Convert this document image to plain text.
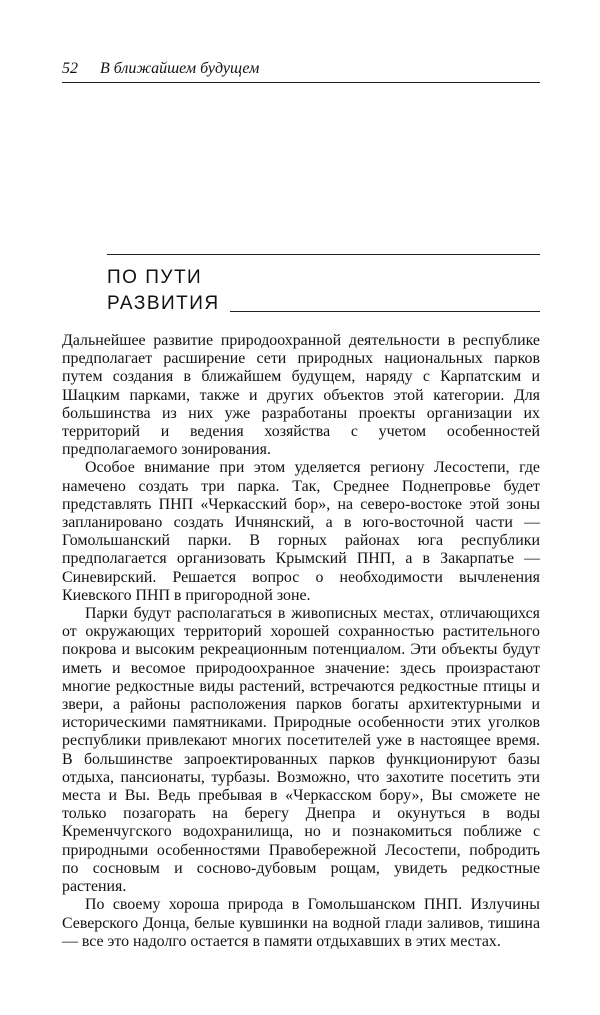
52 В ближайшем будущем
ПО ПУТИ
РАЗВИТИЯ

Дальнейшее развитие природоохранной деятельности в республике предполагает расширение сети природных национальных парков путем создания в ближайшем будущем, наряду с Карпатским и Шацким парками, также и других объектов этой категории. Для большинства из них уже разработаны проекты организации их территорий и ведения хозяйства с учетом особенностей предполагаемого зонирования.

Особое внимание при этом уделяется региону Лесостепи, где намечено создать три парка. Так, Среднее Поднепровье будет представлять ПНП «Черкасский бор», на северо-востоке этой зоны запланировано создать Ичнянский, а в юго-восточной части — Гомольшанский парки. В горных районах юга республики предполагается организовать Крымский ПНП, а в Закарпатье — Синевирский. Решается вопрос о необходимости вычленения Киевского ПНП в пригородной зоне.

Парки будут располагаться в живописных местах, отличающихся от окружающих территорий хорошей сохранностью растительного покрова и высоким рекреационным потенциалом. Эти объекты будут иметь и весомое природоохранное значение: здесь произрастают многие редкостные виды растений, встречаются редкостные птицы и звери, а районы расположения парков богаты архитектурными и историческими памятниками. Природные особенности этих уголков республики привлекают многих посетителей уже в настоящее время. В большинстве запроектированных парков функционируют базы отдыха, пансионаты, турбазы. Возможно, что захотите посетить эти места и Вы. Ведь пребывая в «Черкасском бору», Вы сможете не только позагорать на берегу Днепра и окунуться в воды Кременчугского водохранилища, но и познакомиться поближе с природными особенностями Правобережной Лесостепи, побродить по сосновым и сосново-дубовым рощам, увидеть редкостные растения.

По своему хороша природа в Гомольшанском ПНП. Излучины Северского Донца, белые кувшинки на водной глади заливов, тишина — все это надолго остается в памяти отдыхавших в этих местах.
